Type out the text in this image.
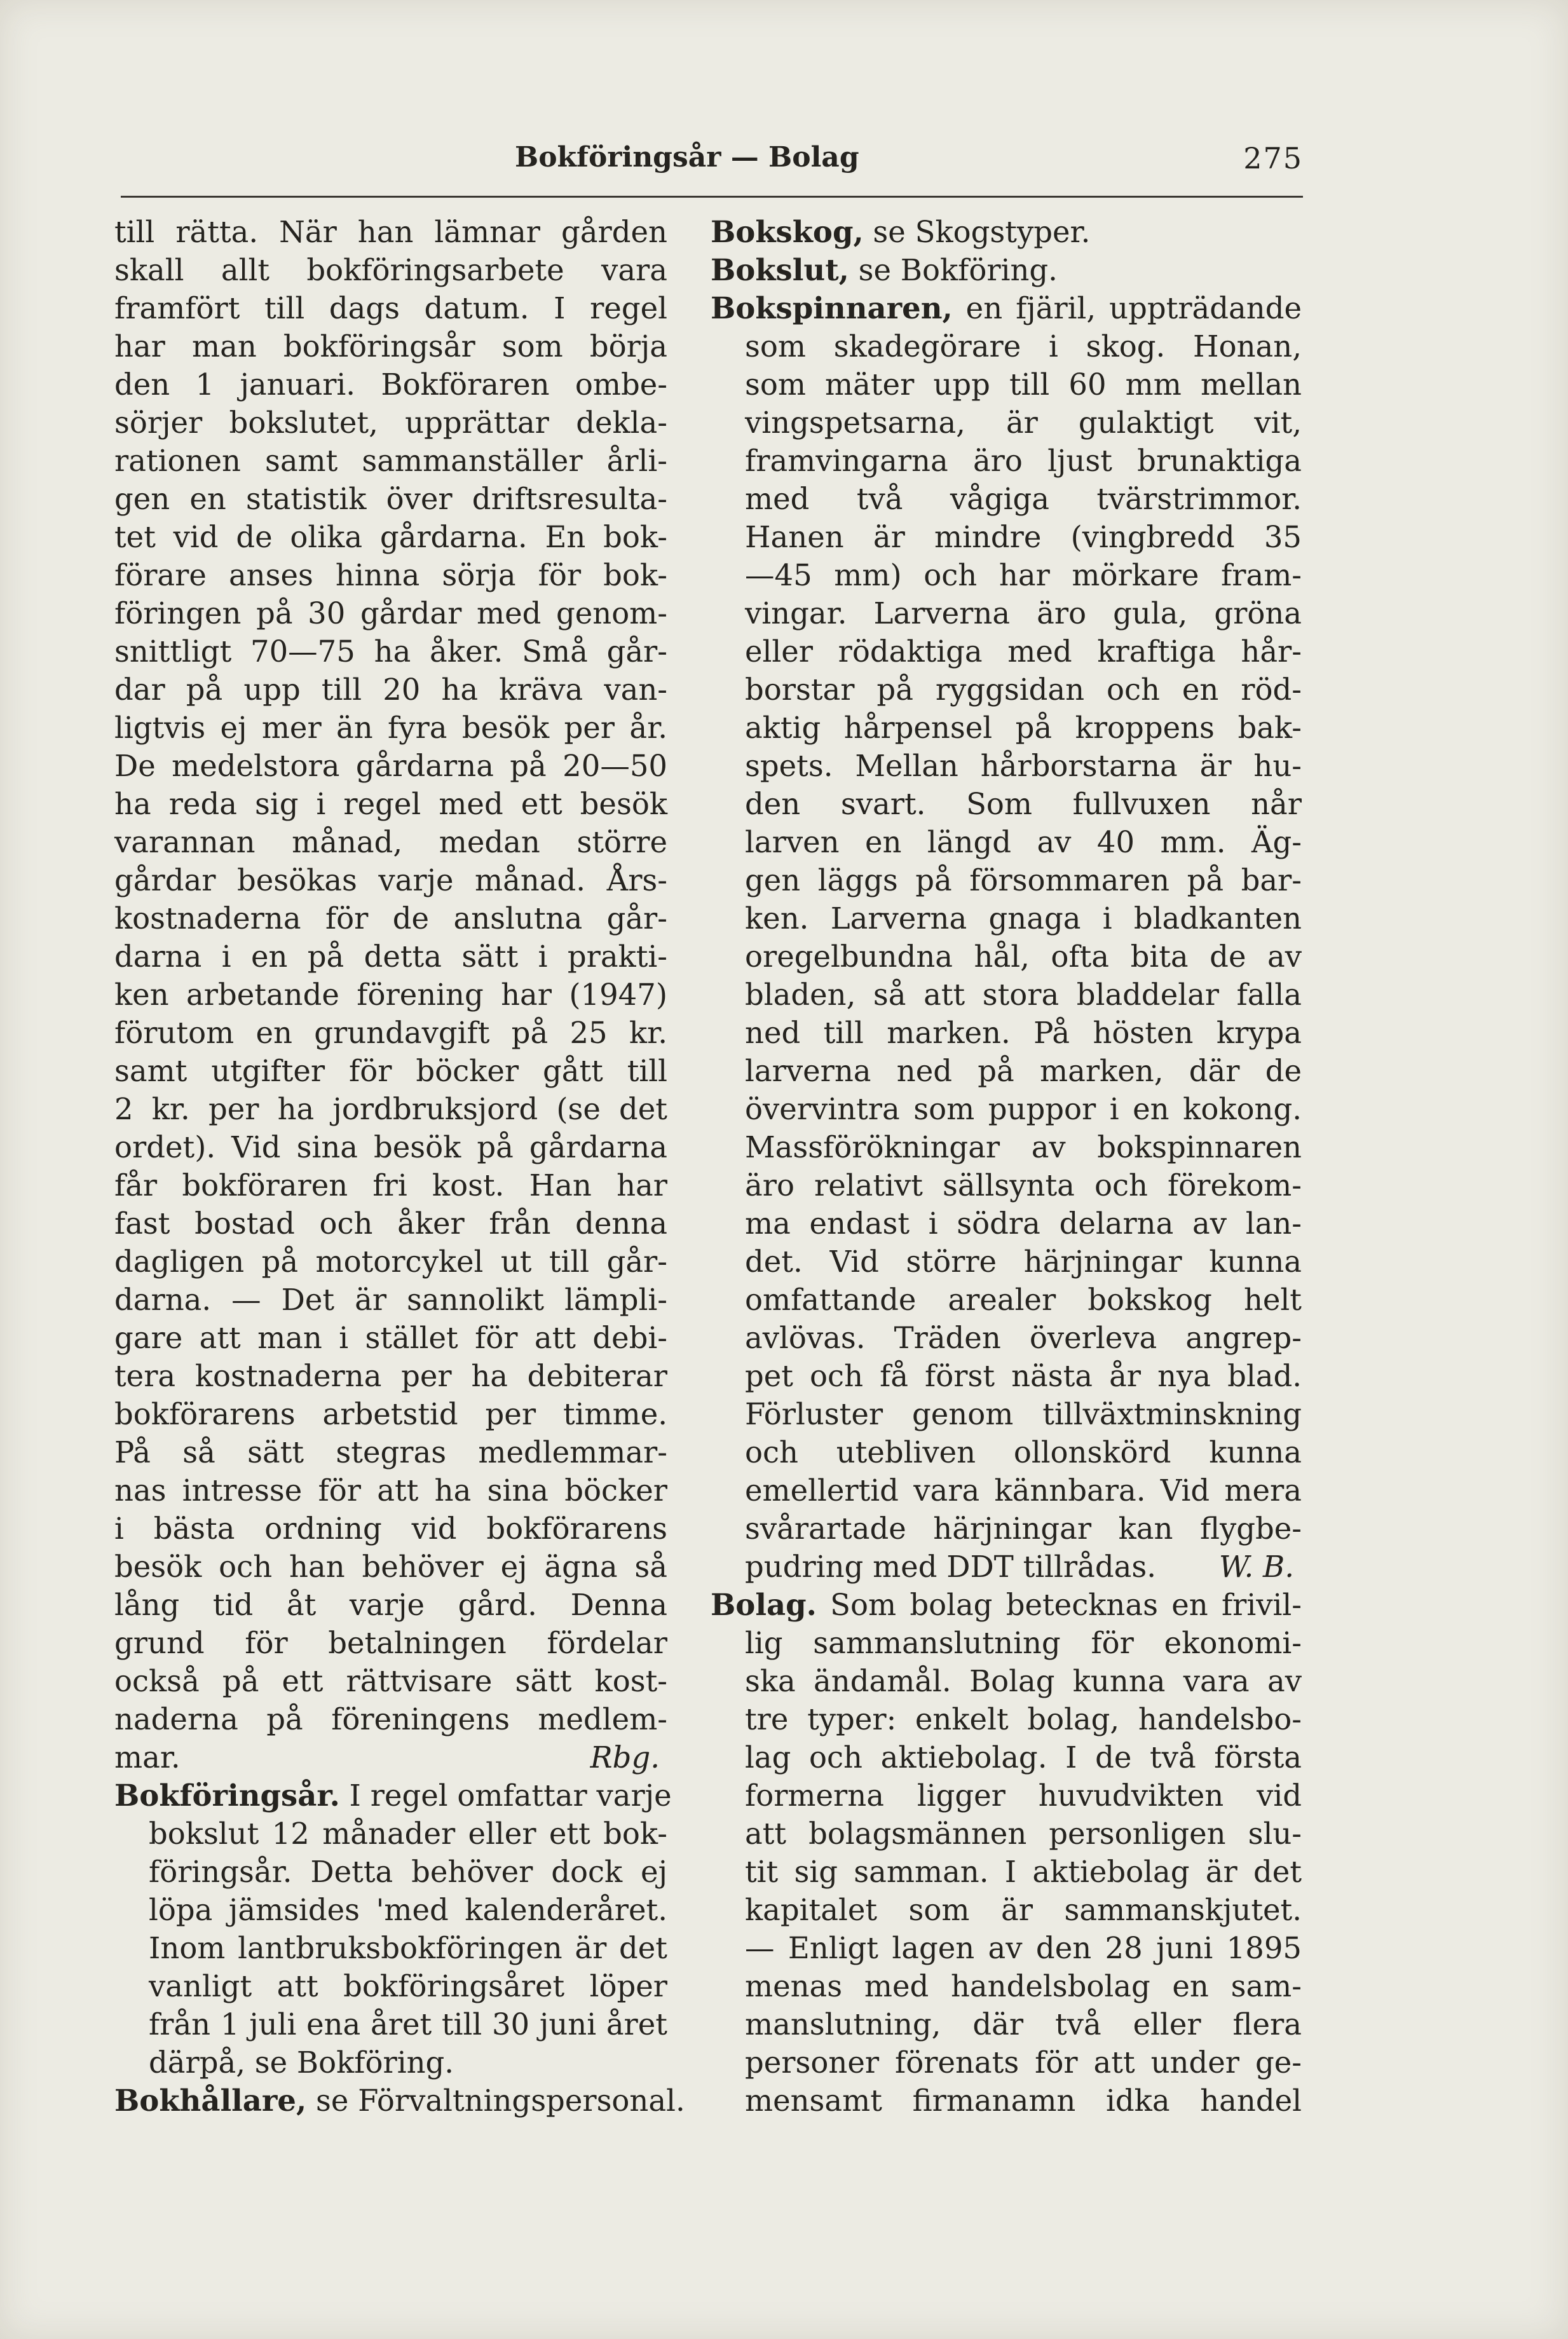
Bokföringsår — Bolag	275
till rätta. När han lämnar gården
skall allt bokföringsarbete vara
framfört till dags datum. I regel
har man bokföringsår som börja
den 1 januari. Bokföraren ombe-
sörjer bokslutet, upprättar dekla-
rationen samt sammanställer årli-
gen en statistik över driftsresulta-
tet vid de olika gårdarna. En bok-
förare anses hinna sörja för bok-
föringen på 30 gårdar med genom-
snittligt 70—75 ha åker. Små går-
dar på upp till 20 ha kräva van-
ligtvis ej mer än fyra besök per år.
De medelstora gårdarna på 20—50
ha reda sig i regel med ett besök
varannan månad, medan större
gårdar besökas varje månad. Års-
kostnaderna för de anslutna går-
darna i en på detta sätt i prakti-
ken arbetande förening har (1947)
förutom en grundavgift på 25 kr.
samt utgifter för böcker gått till
2 kr. per ha jordbruksjord (se det
ordet). Vid sina besök på gårdarna
får bokföraren fri kost. Han har
fast bostad och åker från denna
dagligen på motorcykel ut till går-
darna. — Det är sannolikt lämpli-
gare att man i stället för att debi-
tera kostnaderna per ha debiterar
bokförarens arbetstid per timme.
På så sätt stegras medlemmar-
nas intresse för att ha sina böcker
i bästa ordning vid bokförarens
besök och han behöver ej ägna så
lång tid åt varje gård. Denna
grund för betalningen fördelar
också på ett rättvisare sätt kost-
naderna på föreningens medlem-
mar.	Rbg.
Bokföringsår. I regel omfattar varje
bokslut 12 månader eller ett bok-
föringsår. Detta behöver dock ej
löpa jämsides 'med kalenderåret.
Inom lantbruksbokföringen är det
vanligt att bokföringsåret löper
från 1 juli ena året till 30 juni året
därpå, se Bokföring.
Bokhållare, se Förvaltningspersonal.
Bokskog, se Skogstyper.
Bokslut, se Bokföring.
Bokspinnaren, en fjäril, uppträdande
som skadegörare i skog. Honan,
som mäter upp till 60 mm mellan
vingspetsarna, är gulaktigt vit,
framvingarna äro ljust brunaktiga
med två vågiga tvärstrimmor.
Hanen är mindre (vingbredd 35
—45 mm) och har mörkare fram-
vingar. Larverna äro gula, gröna
eller rödaktiga med kraftiga hår-
borstar på ryggsidan och en röd-
aktig hårpensel på kroppens bak-
spets. Mellan hårborstarna är hu-
den svart. Som fullvuxen når
larven en längd av 40 mm. Äg-
gen läggs på försommaren på bar-
ken. Larverna gnaga i bladkanten
oregelbundna hål, ofta bita de av
bladen, så att stora bladdelar falla
ned till marken. På hösten krypa
larverna ned på marken, där de
övervintra som puppor i en kokong.
Massförökningar av bokspinnaren
äro relativt sällsynta och förekom-
ma endast i södra delarna av lan-
det. Vid större härjningar kunna
omfattande arealer bokskog helt
avlövas. Träden överleva angrep-
pet och få först nästa år nya blad.
Förluster genom tillväxtminskning
och utebliven ollonskörd kunna
emellertid vara kännbara. Vid mera
svårartade härjningar kan flygbe-
pudring med DDT tillrådas. W. B.
Bolag. Som bolag betecknas en frivil-
lig sammanslutning för ekonomi-
ska ändamål. Bolag kunna vara av
tre typer: enkelt bolag, handelsbo-
lag och aktiebolag. I de två första
formerna ligger huvudvikten vid
att bolagsmännen personligen slu-
tit sig samman. I aktiebolag är det
kapitalet som är sammanskjutet.
— Enligt lagen av den 28 juni 1895
menas med handelsbolag en sam-
manslutning, där två eller flera
personer förenats för att under ge-
mensamt firmanamn idka handel
